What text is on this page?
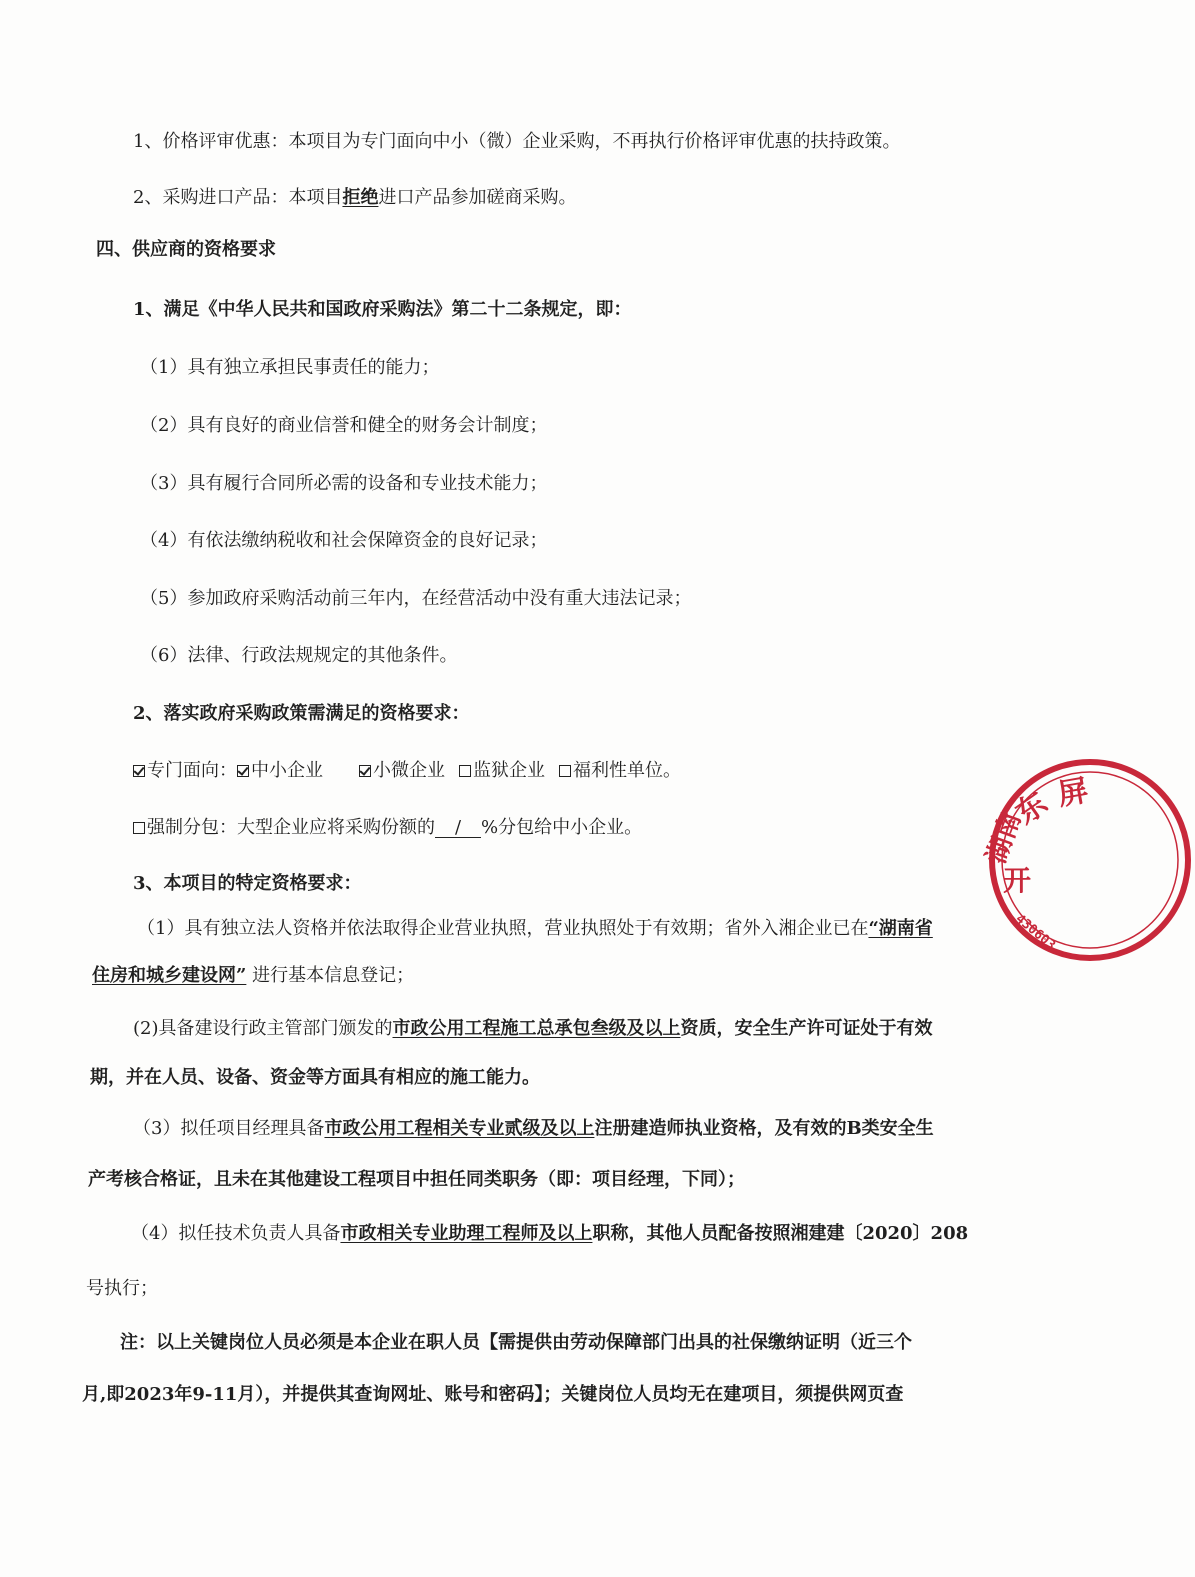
1、价格评审优惠：本项目为专门面向中小（微）企业采购，不再执行价格评审优惠的扶持政策。
2、采购进口产品：本项目拒绝进口产品参加磋商采购。
四、供应商的资格要求
1、满足《中华人民共和国政府采购法》第二十二条规定，即：
（1）具有独立承担民事责任的能力；
（2）具有良好的商业信誉和健全的财务会计制度；
（3）具有履行合同所必需的设备和专业技术能力；
（4）有依法缴纳税收和社会保障资金的良好记录；
（5）参加政府采购活动前三年内，在经营活动中没有重大违法记录；
（6）法律、行政法规规定的其他条件。
2、落实政府采购政策需满足的资格要求：
专门面向： 中小企业	小微企业 监狱企业 福利性单位。
强制分包：大型企业应将采购份额的 / %分包给中小企业。
3、本项目的特定资格要求：
（1）具有独立法人资格并依法取得企业营业执照，营业执照处于有效期；省外入湘企业已在“湖南省
住房和城乡建设网” 进行基本信息登记；
(2)具备建设行政主管部门颁发的市政公用工程施工总承包叁级及以上资质，安全生产许可证处于有效
期，并在人员、设备、资金等方面具有相应的施工能力。
（3）拟任项目经理具备市政公用工程相关专业贰级及以上注册建造师执业资格，及有效的B类安全生
产考核合格证，且未在其他建设工程项目中担任同类职务（即：项目经理，下同）；
（4）拟任技术负责人具备市政相关专业助理工程师及以上职称，其他人员配备按照湘建建〔2020〕208
号执行；
注：以上关键岗位人员必须是本企业在职人员【需提供由劳动保障部门出具的社保缴纳证明（近三个
月,即2023年9-11月），并提供其查询网址、账号和密码】；关键岗位人员均无在建项目，须提供网页查
东 屏
湖南
开
430603
